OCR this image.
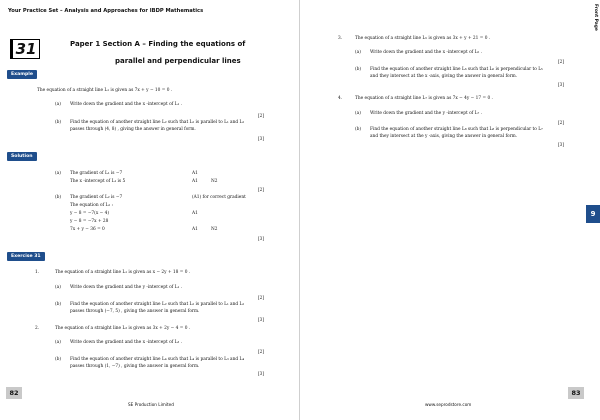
Your Practice Set – Analysis and Approaches for IBDP Mathematics
31	Paper 1 Section A – Finding the equations of
parallel and perpendicular lines
Example
The equation of a straight line L₁ is given as 7x + y − 10 = 0 .
(a) Write down the gradient and the x -intercept of L₁ .
[2]
(b) Find the equation of another straight line L₂ such that L₂ is parallel to L₁ and L₂
passes through (4, 8) , giving the answer in general form.
[3]
Solution
(a) The gradient of L₁ is −7	A1
The x -intercept of L₁ is 5	A1	N2
[2]
(b) The gradient of L₂ is −7	(A1) for correct gradient
The equation of L₂ :
y − 8 = −7(x − 4)	A1
y − 8 = −7x + 28
7x + y − 36 = 0	A1	N2
[3]
Exercise 31
1.	The equation of a straight line L₁ is given as x − 2y + 18 = 0 .
(a) Write down the gradient and the y -intercept of L₁ .
[2]
(b) Find the equation of another straight line L₂ such that L₂ is parallel to L₁ and L₂
passes through (−7, 5) , giving the answer in general form.
[3]
2.	The equation of a straight line L₃ is given as 3x + 2y − 4 = 0 .
(a) Write down the gradient and the x -intercept of L₃ .
[2]
(b) Find the equation of another straight line L₄ such that L₄ is parallel to L₃ and L₄
passes through (1, −7) , giving the answer in general form.
[3]
82
SE Production Limited
Front Page
3.	The equation of a straight line L₅ is given as 3x + y + 21 = 0 .
(a) Write down the gradient and the x -intercept of L₅ .
[2]
(b) Find the equation of another straight line L₆ such that L₆ is perpendicular to L₅
and they intersect at the x -axis, giving the answer in general form.
[3]
4.	The equation of a straight line L₇ is given as 7x − 4y − 17 = 0 .
(a) Write down the gradient and the y -intercept of L₇ .
[2]
(b) Find the equation of another straight line L₈ such that L₈ is perpendicular to L₇
and they intersect at the y -axis, giving the answer in general form.
[3]
9
83
www.seprodstore.com
